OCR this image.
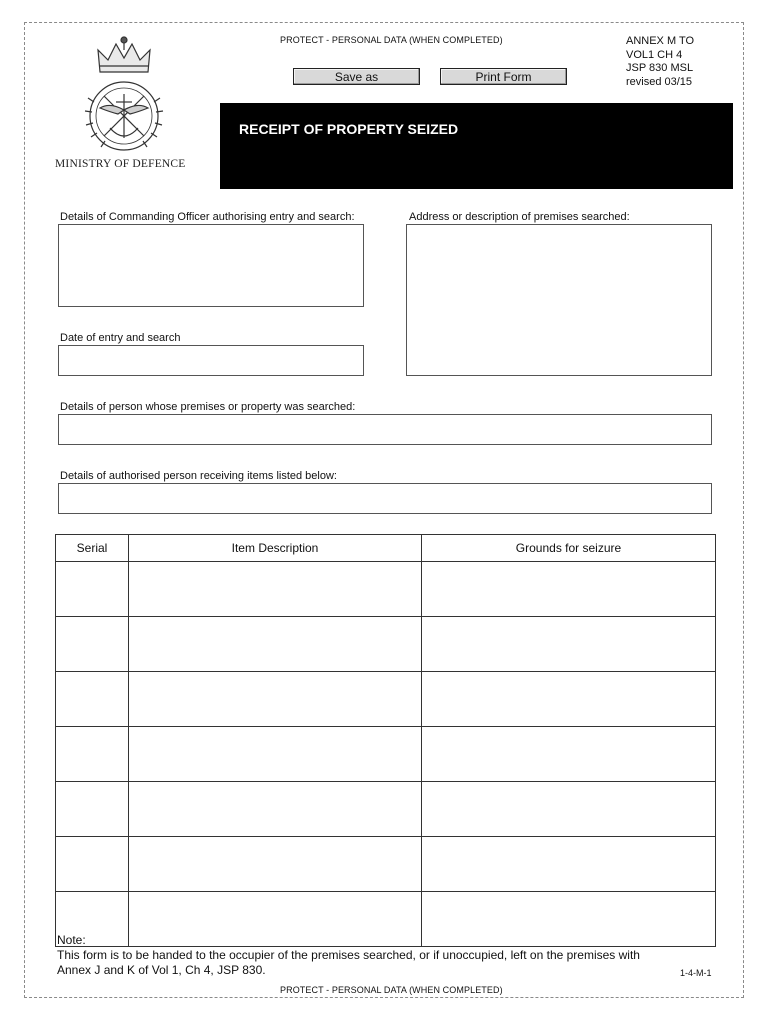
PROTECT - PERSONAL DATA (WHEN COMPLETED)	ANNEX M TO
VOL1 CH 4
JSP 830 MSL
revised 03/15
Save as	Print Form
MINISTRY OF DEFENCE
RECEIPT OF PROPERTY SEIZED
Details of Commanding Officer authorising entry and search:	Address or description of premises searched:
Date of entry and search
Details of person whose premises or property was searched:
Details of authorised person receiving items listed below:
Serial	Item Description	Grounds for seizure

Note:
This form is to be handed to the occupier of the premises searched, or if unoccupied, left on the premises with
Annex J and K of Vol 1, Ch 4, JSP 830.	1-4-M-1
PROTECT - PERSONAL DATA (WHEN COMPLETED)
